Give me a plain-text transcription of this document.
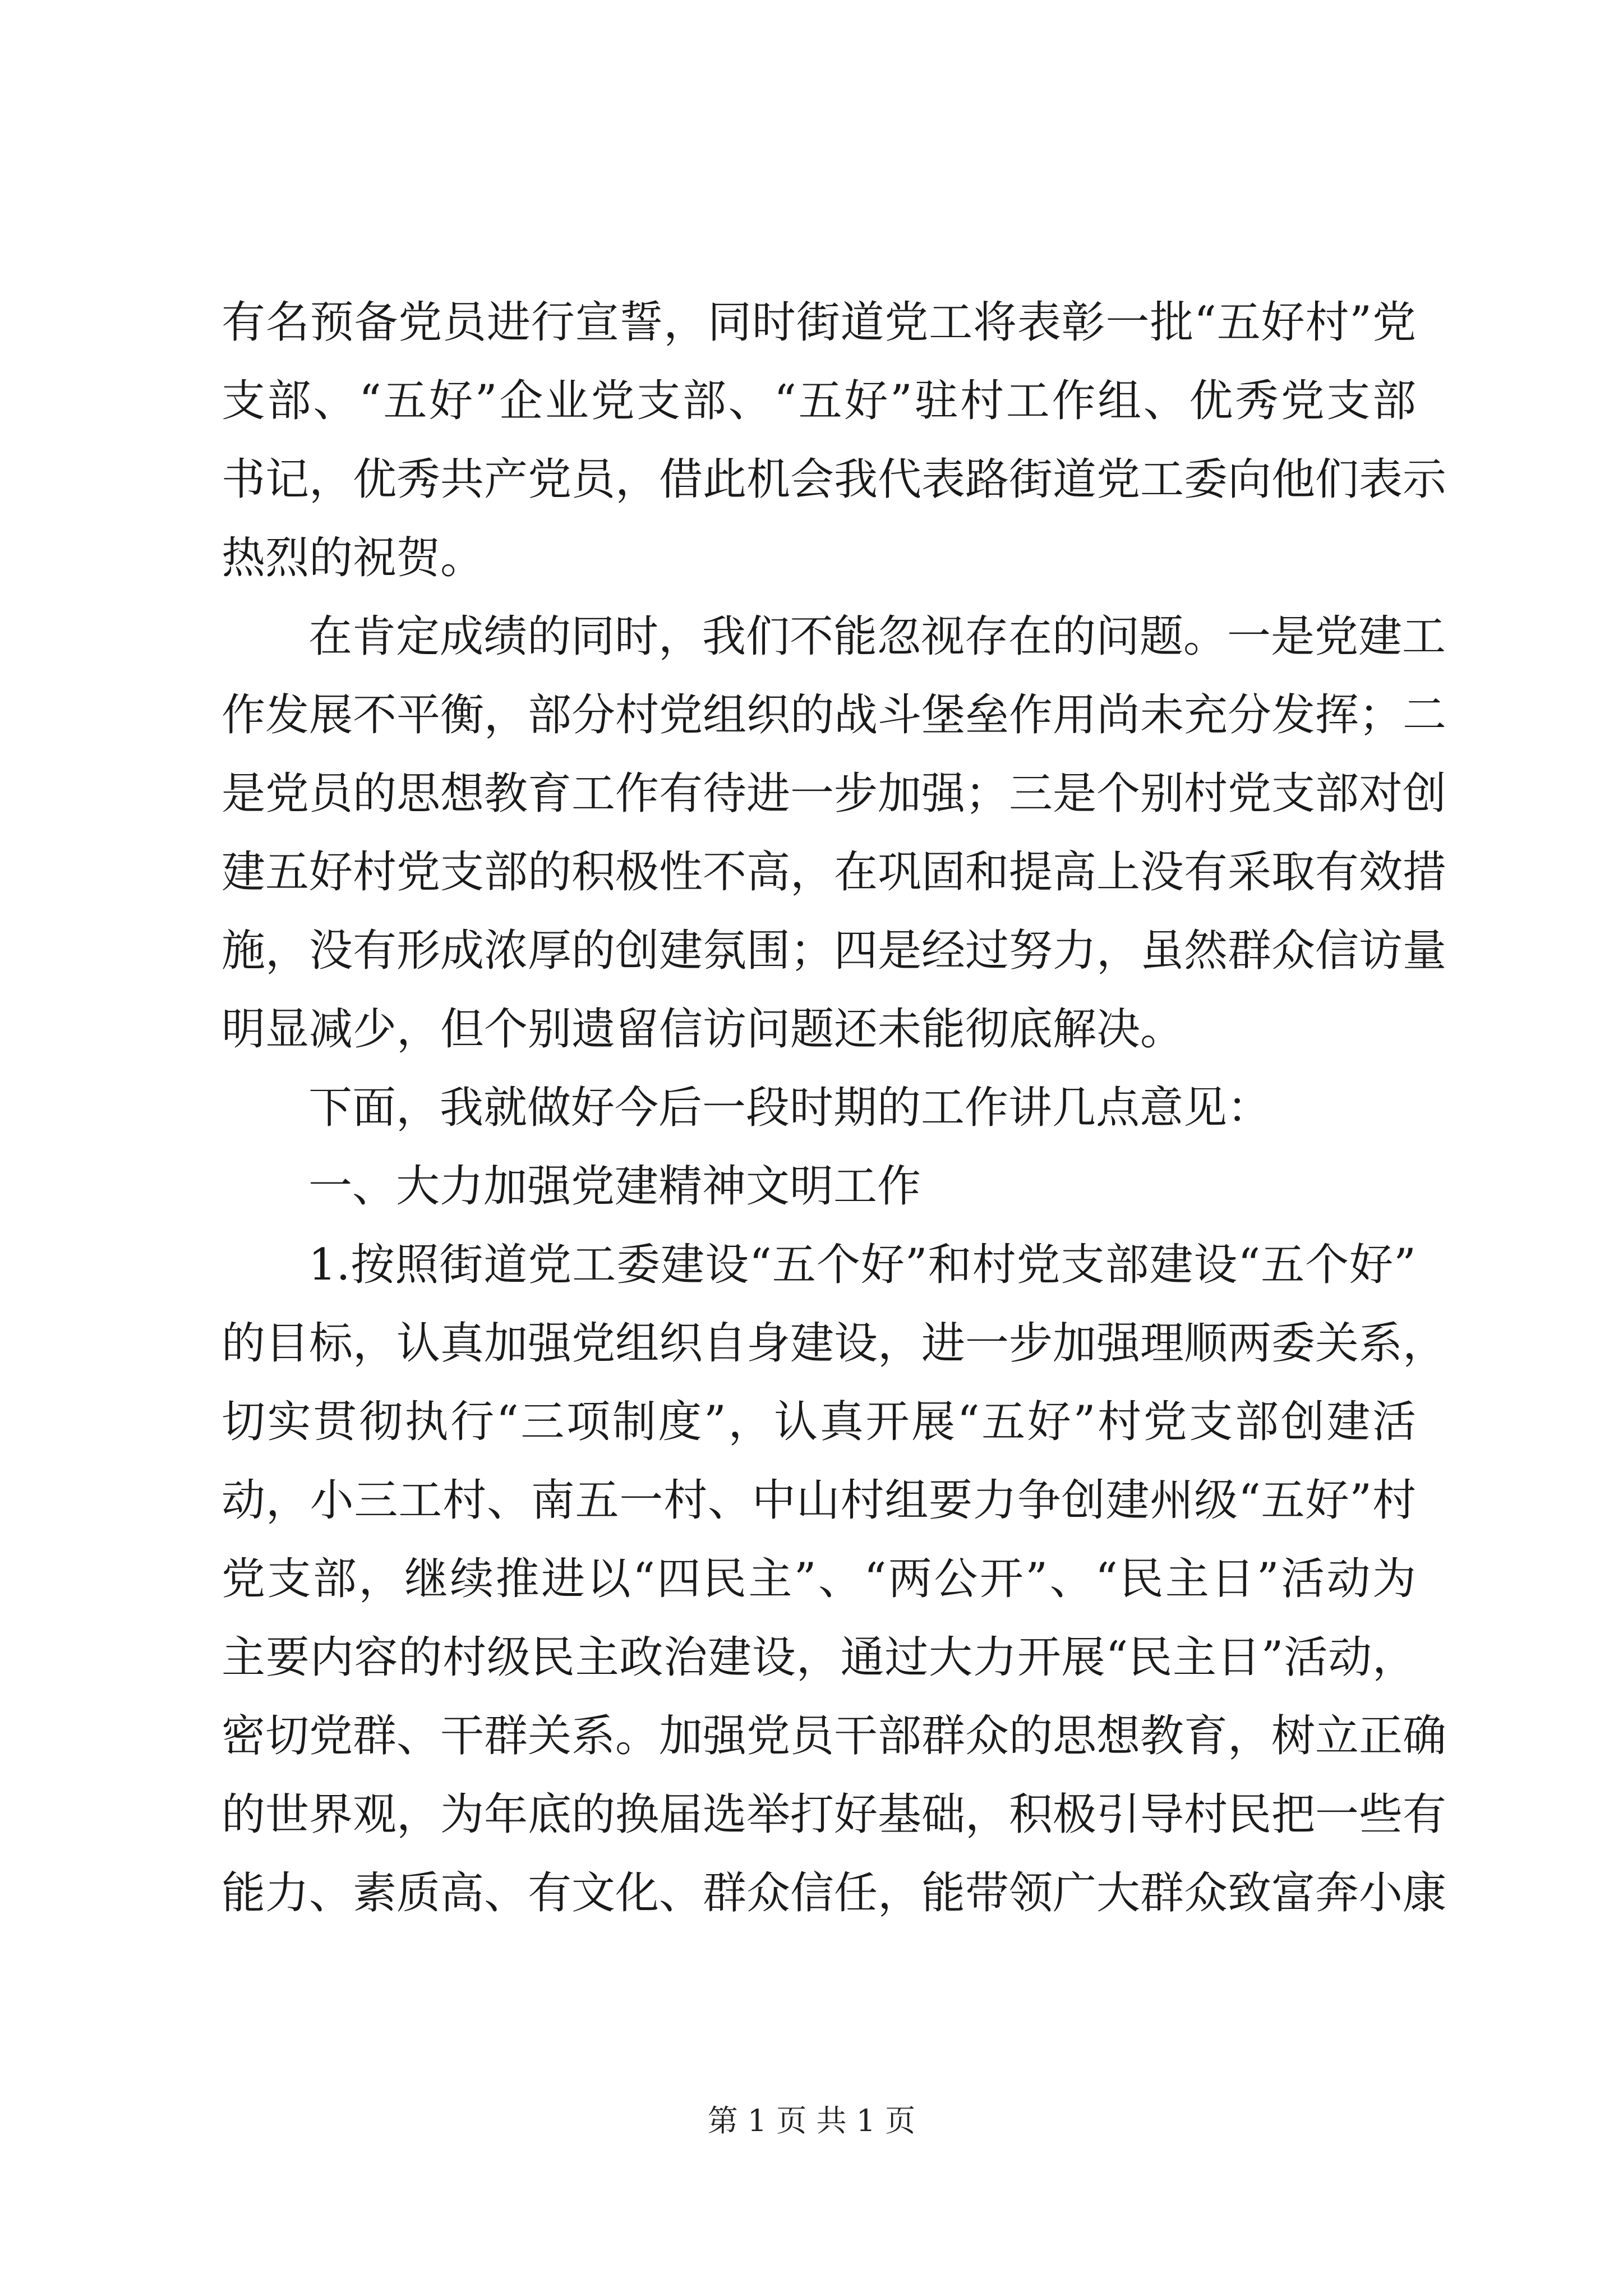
有名预备党员进行宣誓，同时街道党工将表彰一批“五好村”党
支部、“五好”企业党支部、“五好”驻村工作组、优秀党支部
书记，优秀共产党员，借此机会我代表路街道党工委向他们表示
热烈的祝贺。
在肯定成绩的同时，我们不能忽视存在的问题。一是党建工
作发展不平衡，部分村党组织的战斗堡垒作用尚未充分发挥；二
是党员的思想教育工作有待进一步加强；三是个别村党支部对创
建五好村党支部的积极性不高，在巩固和提高上没有采取有效措
施，没有形成浓厚的创建氛围；四是经过努力，虽然群众信访量
明显减少，但个别遗留信访问题还未能彻底解决。
下面，我就做好今后一段时期的工作讲几点意见：
一、大力加强党建精神文明工作
1.按照街道党工委建设“五个好”和村党支部建设“五个好”
的目标，认真加强党组织自身建设，进一步加强理顺两委关系，
切实贯彻执行“三项制度”，认真开展“五好”村党支部创建活
动，小三工村、南五一村、中山村组要力争创建州级“五好”村
党支部，继续推进以“四民主”、“两公开”、“民主日”活动为
主要内容的村级民主政治建设，通过大力开展“民主日”活动，
密切党群、干群关系。加强党员干部群众的思想教育，树立正确
的世界观，为年底的换届选举打好基础，积极引导村民把一些有
能力、素质高、有文化、群众信任，能带领广大群众致富奔小康
第 1 页 共 1 页
